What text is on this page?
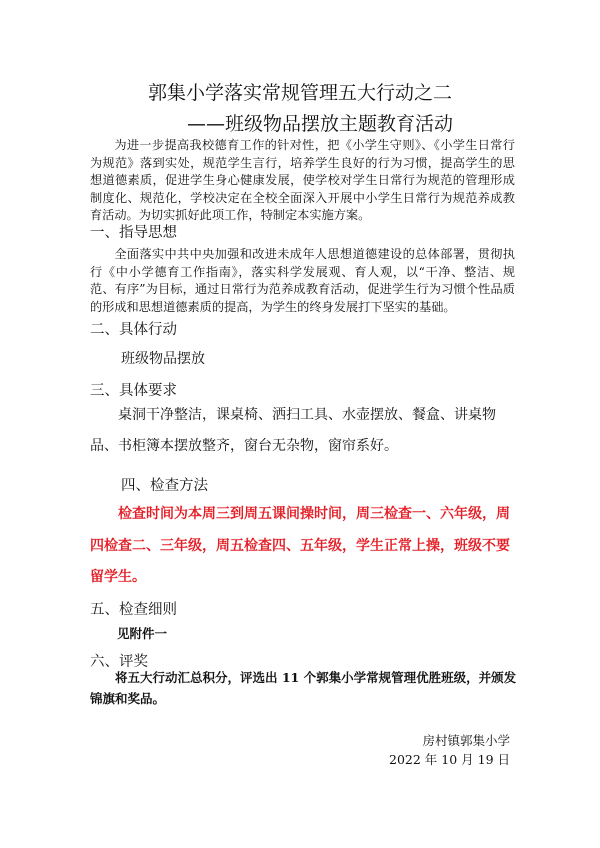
郭集小学落实常规管理五大行动之二
——班级物品摆放主题教育活动

为进一步提高我校德育工作的针对性，把《小学生守则》、《小学生日常行为规范》落到实处，规范学生言行，培养学生良好的行为习惯，提高学生的思想道德素质，促进学生身心健康发展，使学校对学生日常行为规范的管理形成制度化、规范化，学校决定在全校全面深入开展中小学生日常行为规范养成教育活动。为切实抓好此项工作，特制定本实施方案。

一、指导思想

全面落实中共中央加强和改进未成年人思想道德建设的总体部署，贯彻执行《中小学德育工作指南》，落实科学发展观、育人观，以“干净、整洁、规范、有序”为目标，通过日常行为范养成教育活动，促进学生行为习惯个性品质的形成和思想道德素质的提高，为学生的终身发展打下坚实的基础。

二、具体行动

班级物品摆放

三、具体要求

桌洞干净整洁，课桌椅、洒扫工具、水壶摆放、餐盒、讲桌物品、书柜簿本摆放整齐，窗台无杂物，窗帘系好。

四、检查方法

检查时间为本周三到周五课间操时间，周三检查一、六年级，周四检查二、三年级，周五检查四、五年级，学生正常上操，班级不要留学生。

五、检查细则

见附件一

六、评奖

将五大行动汇总积分，评选出 11 个郭集小学常规管理优胜班级，并颁发锦旗和奖品。

房村镇郭集小学

2022 年 10 月 19 日
